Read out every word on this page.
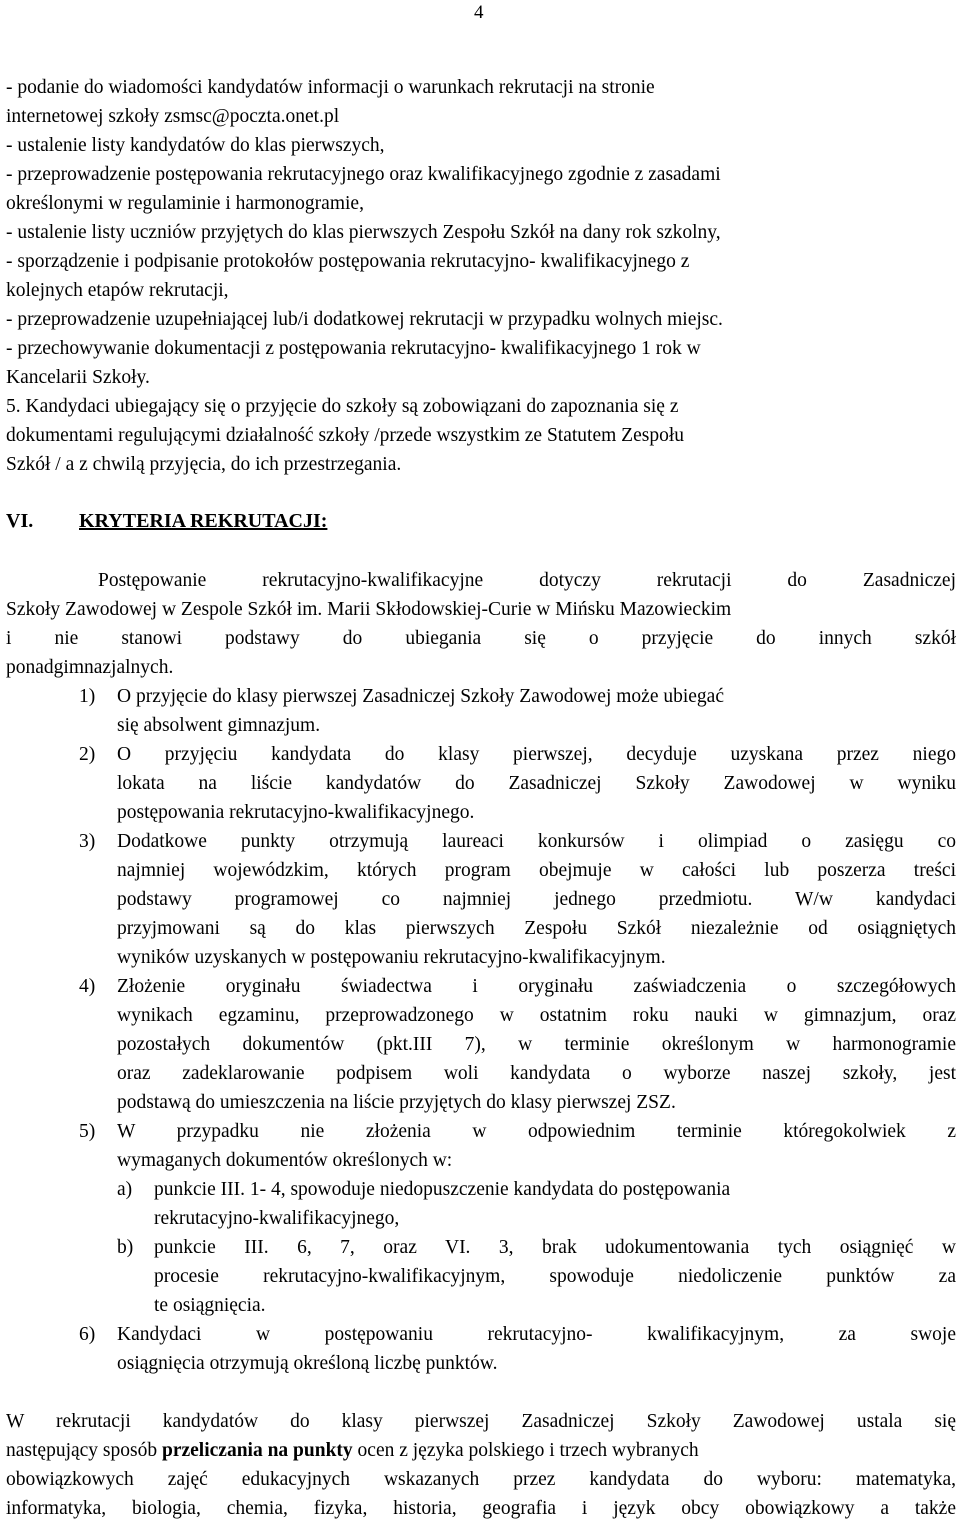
4
- podanie do wiadomości kandydatów informacji o warunkach rekrutacji na stronie
internetowej szkoły zsmsc@poczta.onet.pl
- ustalenie listy kandydatów do klas pierwszych,
- przeprowadzenie postępowania rekrutacyjnego oraz kwalifikacyjnego zgodnie z zasadami
określonymi w regulaminie i harmonogramie,
- ustalenie listy uczniów przyjętych do klas pierwszych Zespołu Szkół na dany rok szkolny,
- sporządzenie i podpisanie protokołów postępowania rekrutacyjno- kwalifikacyjnego z
kolejnych etapów rekrutacji,
- przeprowadzenie uzupełniającej lub/i dodatkowej rekrutacji w przypadku wolnych miejsc.
- przechowywanie dokumentacji z postępowania rekrutacyjno- kwalifikacyjnego 1 rok w
Kancelarii Szkoły.
5. Kandydaci ubiegający się o przyjęcie do szkoły są zobowiązani do zapoznania się z
dokumentami regulującymi działalność szkoły /przede wszystkim ze Statutem Zespołu
Szkół / a z chwilą przyjęcia, do ich przestrzegania.
VI. KRYTERIA REKRUTACJI:
Postępowanie rekrutacyjno-kwalifikacyjne dotyczy rekrutacji do Zasadniczej
Szkoły Zawodowej w Zespole Szkół im. Marii Skłodowskiej-Curie w Mińsku Mazowieckim
i nie stanowi podstawy do ubiegania się o przyjęcie do innych szkół
ponadgimnazjalnych.
1) O przyjęcie do klasy pierwszej Zasadniczej Szkoły Zawodowej może ubiegać
się absolwent gimnazjum.
2) O przyjęciu kandydata do klasy pierwszej, decyduje uzyskana przez niego
lokata na liście kandydatów do Zasadniczej Szkoły Zawodowej w wyniku
postępowania rekrutacyjno-kwalifikacyjnego.
3) Dodatkowe punkty otrzymują laureaci konkursów i olimpiad o zasięgu co
najmniej wojewódzkim, których program obejmuje w całości lub poszerza treści
podstawy programowej co najmniej jednego przedmiotu. W/w kandydaci
przyjmowani są do klas pierwszych Zespołu Szkół niezależnie od osiągniętych
wyników uzyskanych w postępowaniu rekrutacyjno-kwalifikacyjnym.
4) Złożenie oryginału świadectwa i oryginału zaświadczenia o szczegółowych
wynikach egzaminu, przeprowadzonego w ostatnim roku nauki w gimnazjum, oraz
pozostałych dokumentów (pkt.III 7), w terminie określonym w harmonogramie
oraz zadeklarowanie podpisem woli kandydata o wyborze naszej szkoły, jest
podstawą do umieszczenia na liście przyjętych do klasy pierwszej ZSZ.
5) W przypadku nie złożenia w odpowiednim terminie któregokolwiek z
wymaganych dokumentów określonych w:
a) punkcie III. 1- 4, spowoduje niedopuszczenie kandydata do postępowania
rekrutacyjno-kwalifikacyjnego,
b) punkcie III. 6, 7, oraz VI. 3, brak udokumentowania tych osiągnięć w
procesie rekrutacyjno-kwalifikacyjnym, spowoduje niedoliczenie punktów za
te osiągnięcia.
6) Kandydaci w postępowaniu rekrutacyjno- kwalifikacyjnym, za swoje
osiągnięcia otrzymują określoną liczbę punktów.
W rekrutacji kandydatów do klasy pierwszej Zasadniczej Szkoły Zawodowej ustala się
następujący sposób przeliczania na punkty ocen z języka polskiego i trzech wybranych
obowiązkowych zajęć edukacyjnych wskazanych przez kandydata do wyboru: matematyka,
informatyka, biologia, chemia, fizyka, historia, geografia i język obcy obowiązkowy a także
